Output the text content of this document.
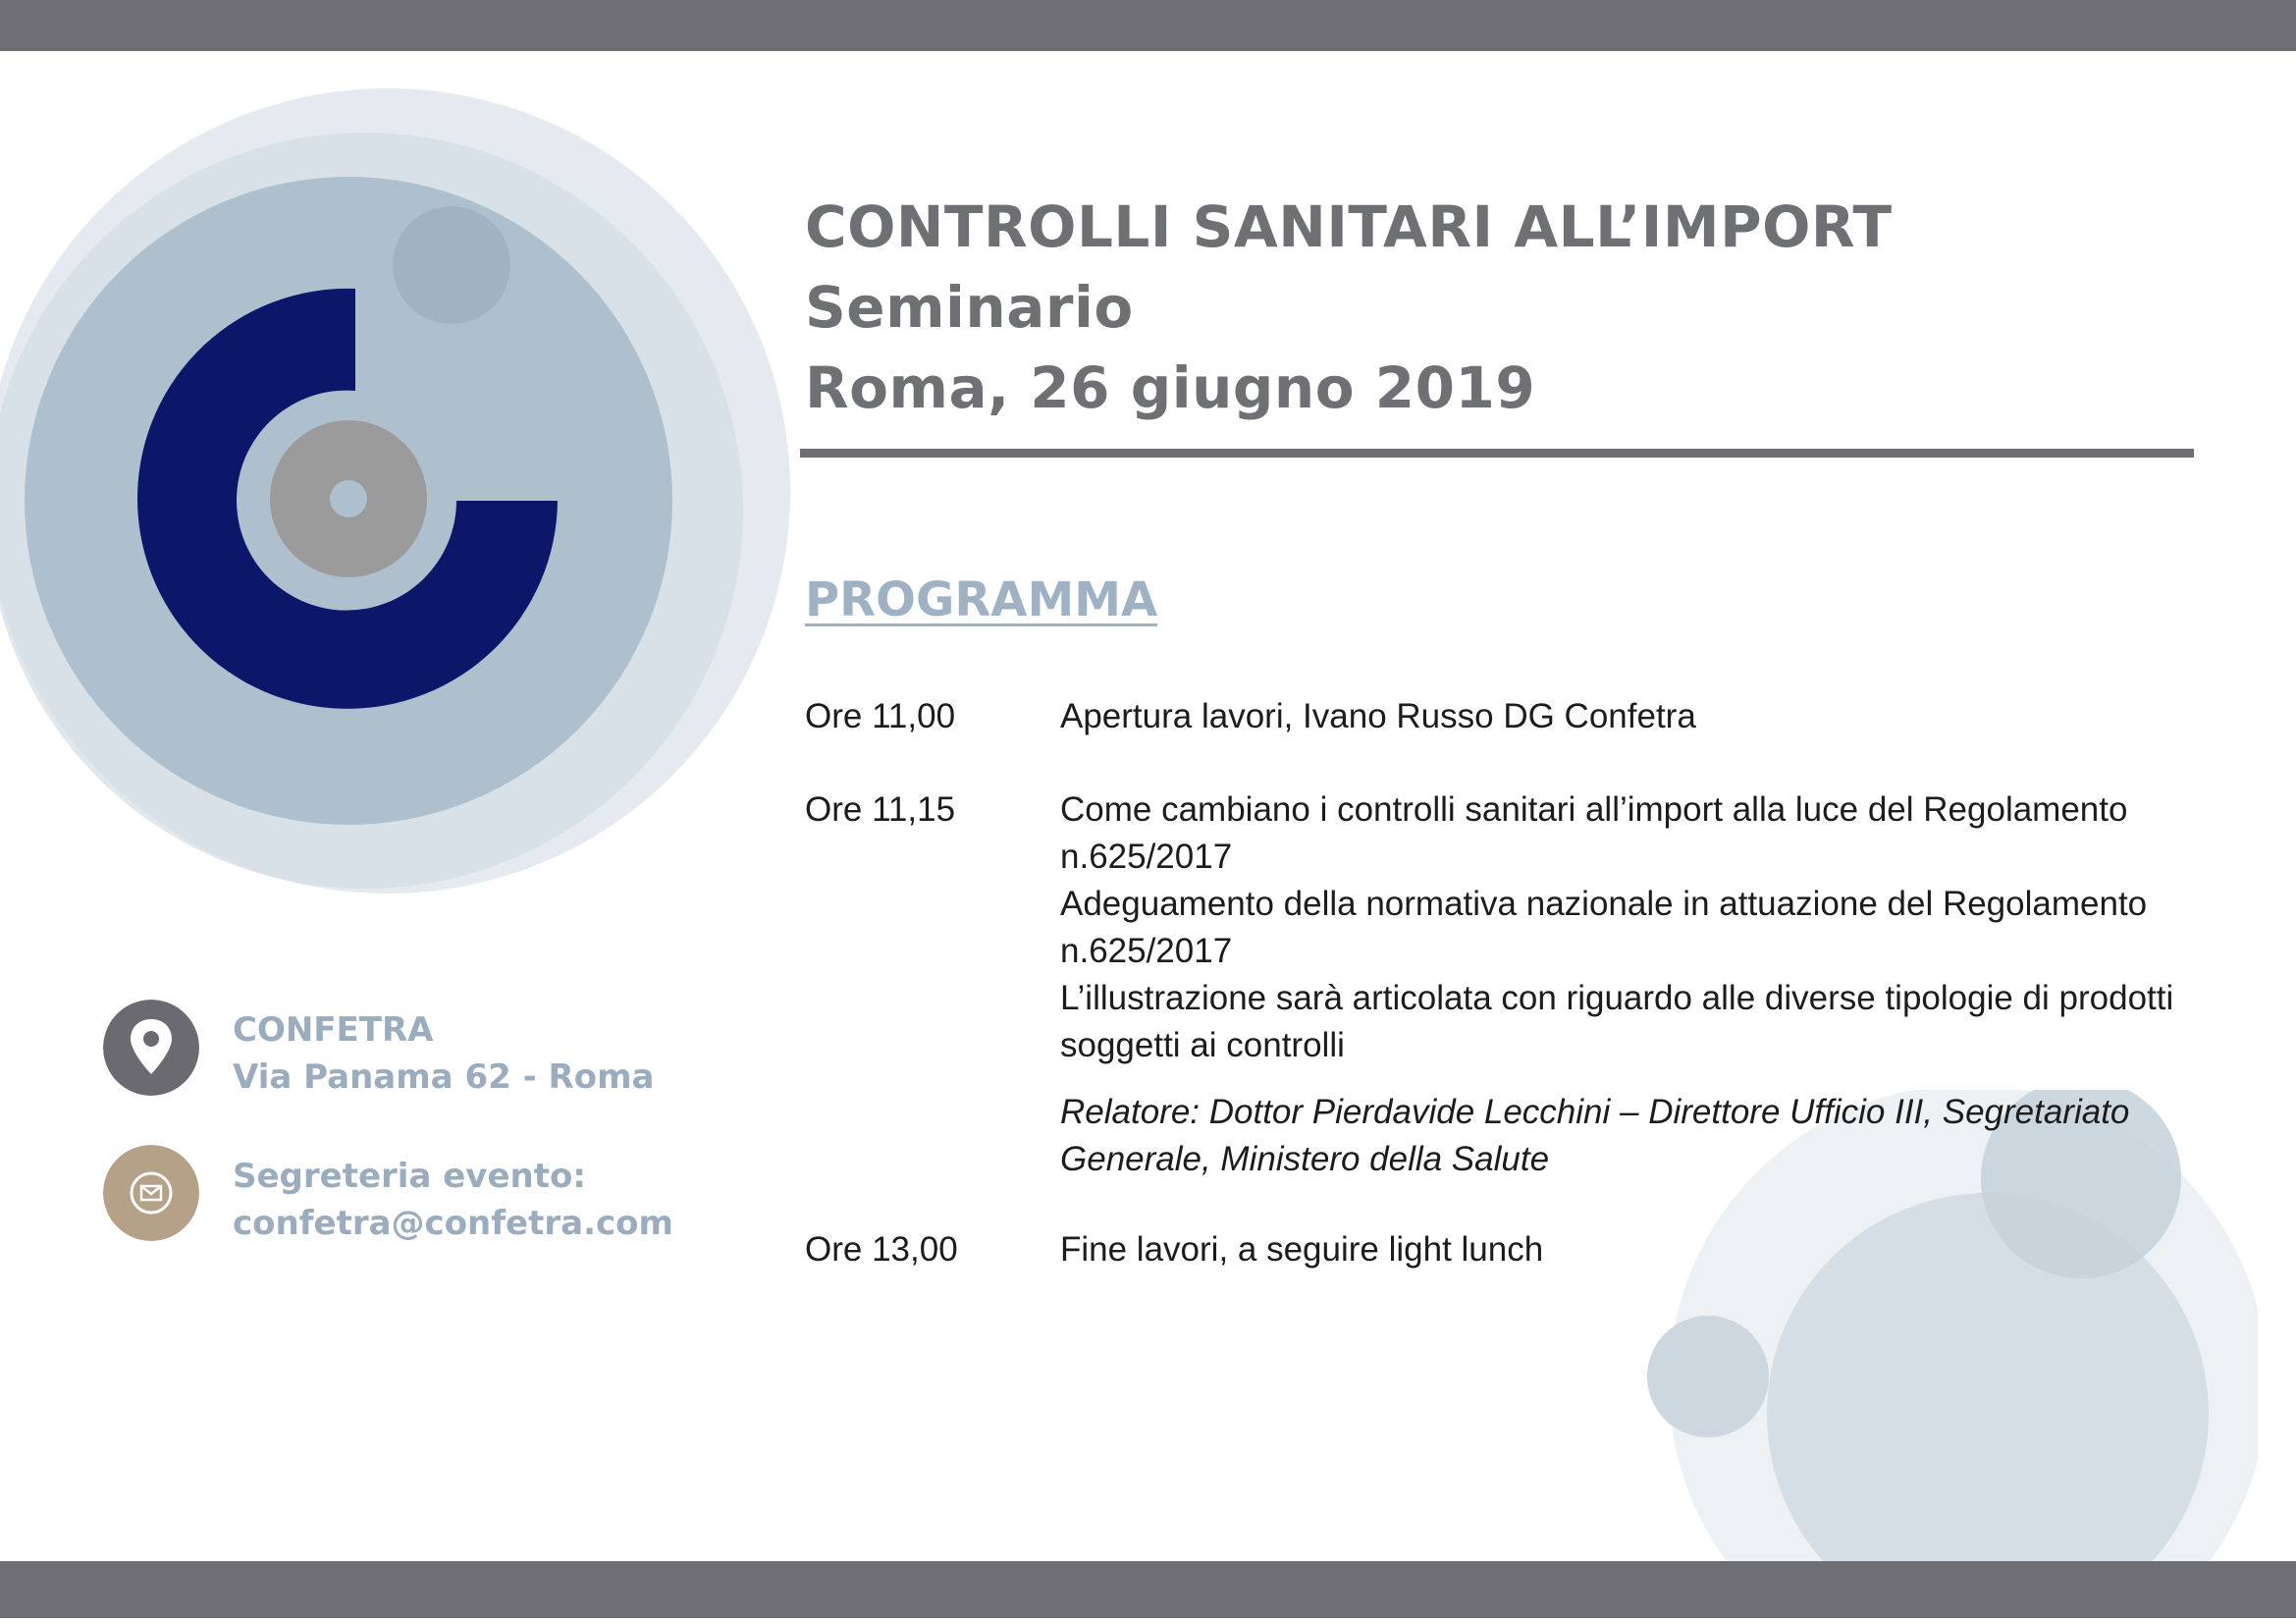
CONTROLLI SANITARI ALL’IMPORT
Seminario
Roma, 26 giugno 2019
PROGRAMMA
Ore 11,00	Apertura lavori, Ivano Russo DG Confetra
Ore 11,15	Come cambiano i controlli sanitari all’import alla luce del Regolamento n.625/2017
Adeguamento della normativa nazionale in attuazione del Regolamento n.625/2017
L’illustrazione sarà articolata con riguardo alle diverse tipologie di prodotti soggetti ai controlli
Relatore: Dottor Pierdavide Lecchini – Direttore Ufficio III, Segretariato Generale, Ministero della Salute
Ore 13,00	Fine lavori, a seguire light lunch
CONFETRA
Via Panama 62 - Roma
Segreteria evento:
confetra@confetra.com
